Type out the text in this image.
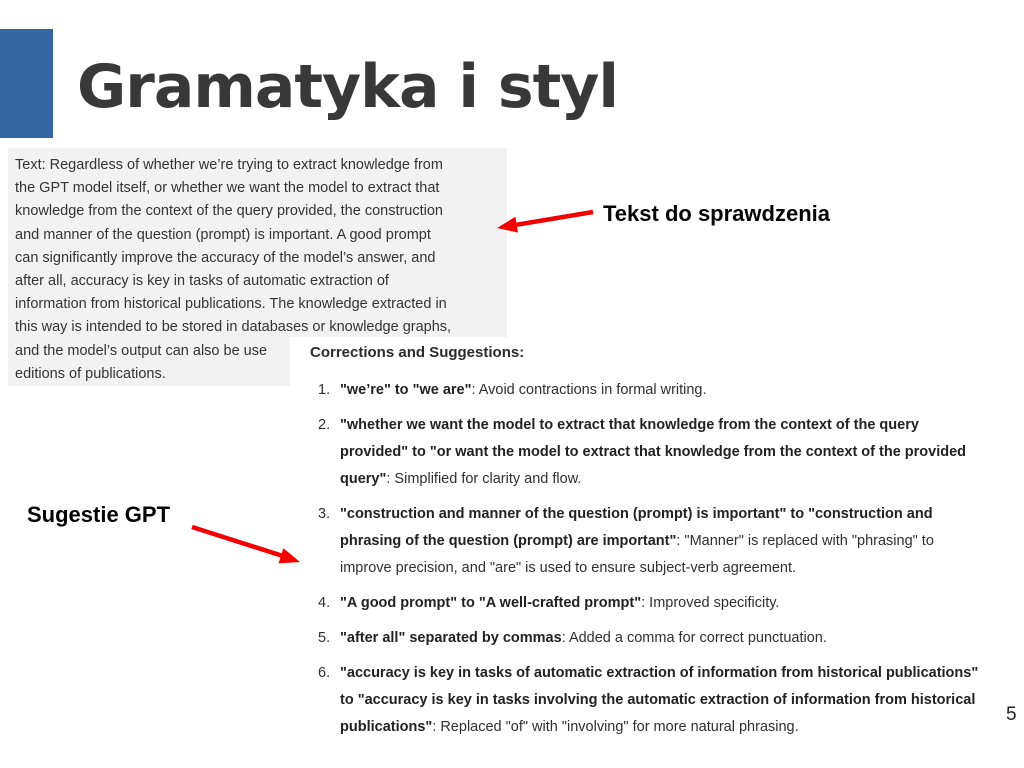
Gramatyka i styl
Text: Regardless of whether we’re trying to extract knowledge from
the GPT model itself, or whether we want the model to extract that
knowledge from the context of the query provided, the construction
and manner of the question (prompt) is important. A good prompt
can significantly improve the accuracy of the model’s answer, and
after all, accuracy is key in tasks of automatic extraction of
information from historical publications. The knowledge extracted in
this way is intended to be stored in databases or knowledge graphs,
and the model’s output can also be use
editions of publications.
Corrections and Suggestions:
1. "we’re" to "we are": Avoid contractions in formal writing.
2. "whether we want the model to extract that knowledge from the context of the query provided" to "or want the model to extract that knowledge from the context of the provided query": Simplified for clarity and flow.
3. "construction and manner of the question (prompt) is important" to "construction and phrasing of the question (prompt) are important": "Manner" is replaced with "phrasing" to improve precision, and "are" is used to ensure subject-verb agreement.
4. "A good prompt" to "A well-crafted prompt": Improved specificity.
5. "after all" separated by commas: Added a comma for correct punctuation.
6. "accuracy is key in tasks of automatic extraction of information from historical publications" to "accuracy is key in tasks involving the automatic extraction of information from historical publications": Replaced "of" with "involving" for more natural phrasing.
Tekst do sprawdzenia
Sugestie GPT
5
